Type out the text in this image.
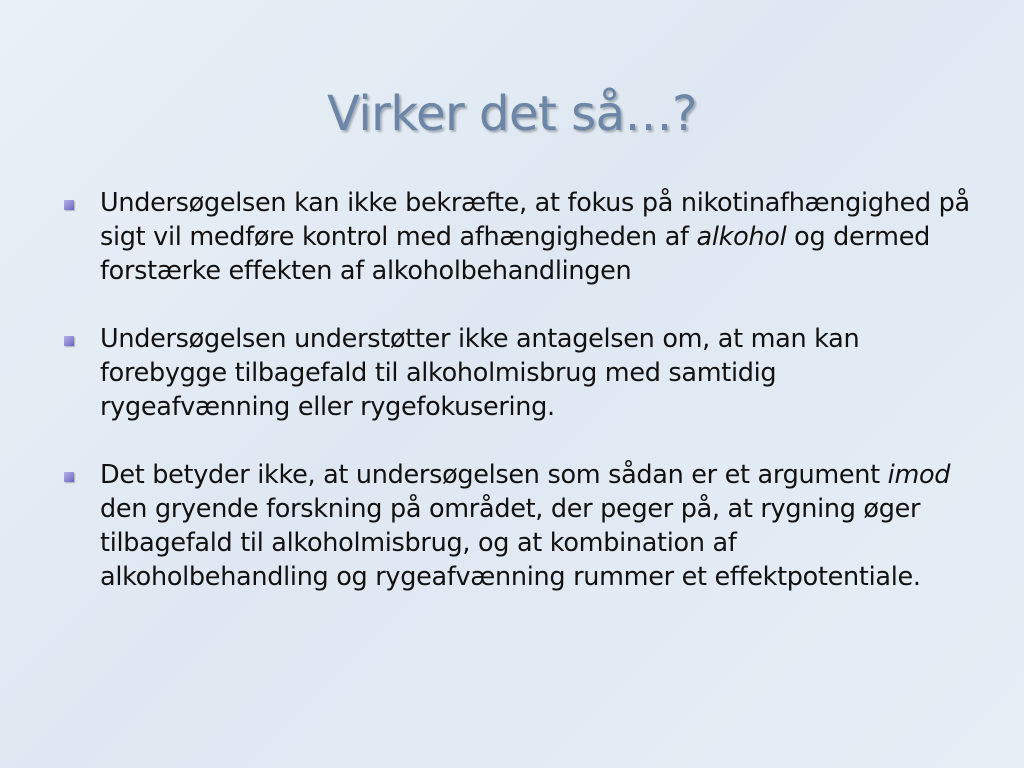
Virker det så…?
Undersøgelsen kan ikke bekræfte, at fokus på nikotinafhængighed på sigt vil medføre kontrol med afhængigheden af alkohol og dermed forstærke effekten af alkoholbehandlingen
Undersøgelsen understøtter ikke antagelsen om, at man kan forebygge tilbagefald til alkoholmisbrug med samtidig rygeafvænning eller rygefokusering.
Det betyder ikke, at undersøgelsen som sådan er et argument imod den gryende forskning på området, der peger på, at rygning øger tilbagefald til alkoholmisbrug, og at kombination af alkoholbehandling og rygeafvænning rummer et effektpotentiale.
